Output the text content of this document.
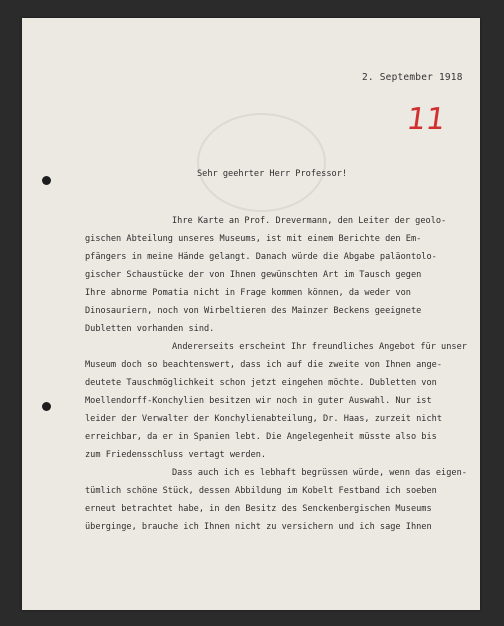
2. September 1918
11
Sehr geehrter Herr Professor!
Ihre Karte an Prof. Drevermann, den Leiter der geolo-
gischen Abteilung unseres Museums, ist mit einem Berichte den Em-
pfängers in meine Hände gelangt. Danach würde die Abgabe paläontolo-
gischer Schaustücke der von Ihnen gewünschten Art im Tausch gegen
Ihre abnorme Pomatia nicht in Frage kommen können, da weder von
Dinosauriern, noch von Wirbeltieren des Mainzer Beckens geeignete
Dubletten vorhanden sind.
Andererseits erscheint Ihr freundliches Angebot für unser
Museum doch so beachtenswert, dass ich auf die zweite von Ihnen ange-
deutete Tauschmöglichkeit schon jetzt eingehen möchte. Dubletten von
Moellendorff-Konchylien besitzen wir noch in guter Auswahl. Nur ist
leider der Verwalter der Konchylienabteilung, Dr. Haas, zurzeit nicht
erreichbar, da er in Spanien lebt. Die Angelegenheit müsste also bis
zum Friedensschluss vertagt werden.
Dass auch ich es lebhaft begrüssen würde, wenn das eigen-
tümlich schöne Stück, dessen Abbildung im Kobelt Festband ich soeben
erneut betrachtet habe, in den Besitz des Senckenbergischen Museums
überginge, brauche ich Ihnen nicht zu versichern und ich sage Ihnen
